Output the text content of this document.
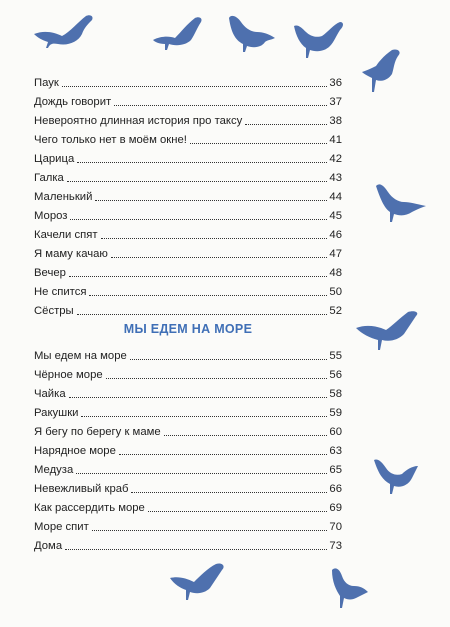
Паук	36
Дождь говорит	37
Невероятно длинная история про таксу	38
Чего только нет в моём окне!	41
Царица	42
Галка	43
Маленький	44
Мороз	45
Качели спят	46
Я маму качаю	47
Вечер	48
Не спится	50
Сёстры	52
МЫ ЕДЕМ НА МОРЕ
Мы едем на море	55
Чёрное море	56
Чайка	58
Ракушки	59
Я бегу по берегу к маме	60
Нарядное море	63
Медуза	65
Невежливый краб	66
Как рассердить море	69
Море спит	70
Дома	73
